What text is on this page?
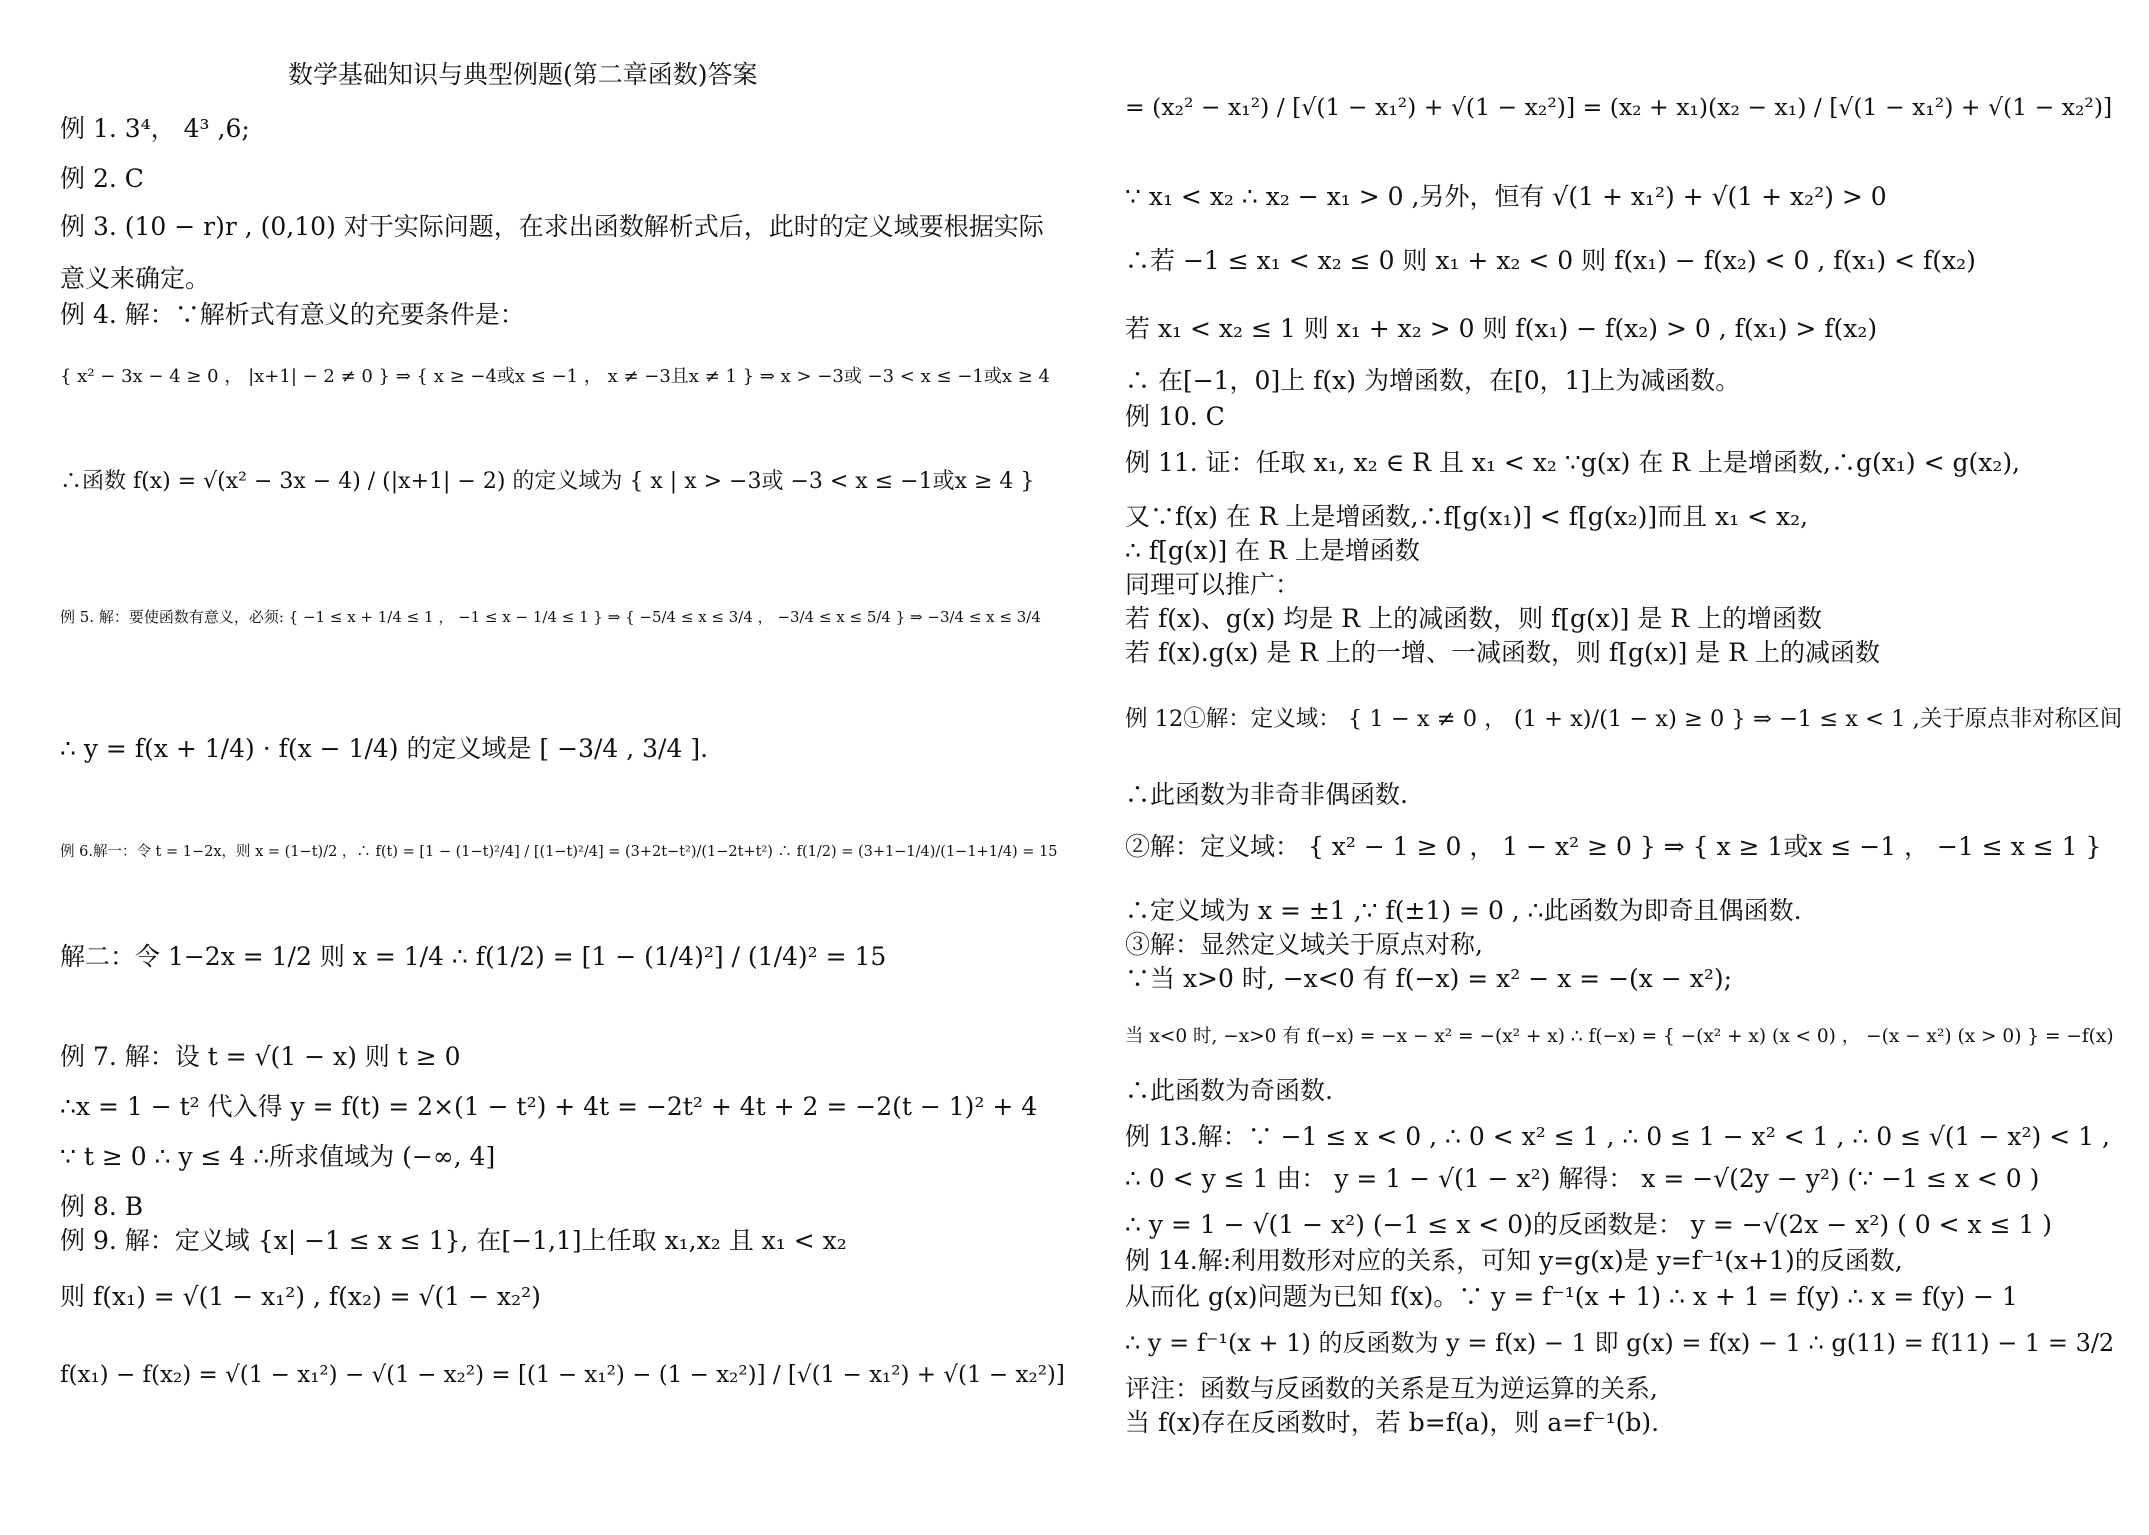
数学基础知识与典型例题(第二章函数)答案
例 1. 3⁴， 4³ ,6;
例 2. C
例 3. (10 − r)r , (0,10) 对于实际问题，在求出函数解析式后，此时的定义域要根据实际
意义来确定。
例 4. 解：∵解析式有意义的充要条件是：
{ x² − 3x − 4 ≥ 0 ， |x+1| − 2 ≠ 0 } ⇒ { x ≥ −4或x ≤ −1 ， x ≠ −3且x ≠ 1 } ⇒ x > −3或 −3 < x ≤ −1或x ≥ 4
∴函数 f(x) = √(x² − 3x − 4) / (|x+1| − 2) 的定义域为 { x | x > −3或 −3 < x ≤ −1或x ≥ 4 }
例 5. 解：要使函数有意义，必须: { −1 ≤ x + 1/4 ≤ 1 ， −1 ≤ x − 1/4 ≤ 1 } ⇒ { −5/4 ≤ x ≤ 3/4 ， −3/4 ≤ x ≤ 5/4 } ⇒ −3/4 ≤ x ≤ 3/4
∴ y = f(x + 1/4) · f(x − 1/4) 的定义域是 [ −3/4 , 3/4 ].
例 6.解一：令 t = 1−2x，则 x = (1−t)/2 ，∴ f(t) = [1 − (1−t)²/4] / [(1−t)²/4] = (3+2t−t²)/(1−2t+t²) ∴ f(1/2) = (3+1−1/4)/(1−1+1/4) = 15
解二：令 1−2x = 1/2 则 x = 1/4 ∴ f(1/2) = [1 − (1/4)²] / (1/4)² = 15
例 7. 解：设 t = √(1 − x) 则 t ≥ 0
∴x = 1 − t² 代入得 y = f(t) = 2×(1 − t²) + 4t = −2t² + 4t + 2 = −2(t − 1)² + 4
∵ t ≥ 0 ∴ y ≤ 4 ∴所求值域为 (−∞, 4]
例 8. B
例 9. 解：定义域 {x| −1 ≤ x ≤ 1}, 在[−1,1]上任取 x₁,x₂ 且 x₁ < x₂
则 f(x₁) = √(1 − x₁²) , f(x₂) = √(1 − x₂²)
f(x₁) − f(x₂) = √(1 − x₁²) − √(1 − x₂²) = [(1 − x₁²) − (1 − x₂²)] / [√(1 − x₁²) + √(1 − x₂²)]
= (x₂² − x₁²) / [√(1 − x₁²) + √(1 − x₂²)] = (x₂ + x₁)(x₂ − x₁) / [√(1 − x₁²) + √(1 − x₂²)]
∵ x₁ < x₂ ∴ x₂ − x₁ > 0 ,另外，恒有 √(1 + x₁²) + √(1 + x₂²) > 0
∴若 −1 ≤ x₁ < x₂ ≤ 0 则 x₁ + x₂ < 0 则 f(x₁) − f(x₂) < 0 , f(x₁) < f(x₂)
若 x₁ < x₂ ≤ 1 则 x₁ + x₂ > 0 则 f(x₁) − f(x₂) > 0 , f(x₁) > f(x₂)
∴ 在[−1，0]上 f(x) 为增函数，在[0，1]上为减函数。
例 10. C
例 11. 证：任取 x₁, x₂ ∈ R 且 x₁ < x₂ ∵g(x) 在 R 上是增函数,∴g(x₁) < g(x₂),
又∵f(x) 在 R 上是增函数,∴f[g(x₁)] < f[g(x₂)]而且 x₁ < x₂,
∴ f[g(x)] 在 R 上是增函数
同理可以推广：
若 f(x)、g(x) 均是 R 上的减函数，则 f[g(x)] 是 R 上的增函数
若 f(x).g(x) 是 R 上的一增、一减函数，则 f[g(x)] 是 R 上的减函数
例 12①解：定义域： { 1 − x ≠ 0 ， (1 + x)/(1 − x) ≥ 0 } ⇒ −1 ≤ x < 1 ,关于原点非对称区间
∴此函数为非奇非偶函数.
②解：定义域： { x² − 1 ≥ 0 ， 1 − x² ≥ 0 } ⇒ { x ≥ 1或x ≤ −1 ， −1 ≤ x ≤ 1 }
∴定义域为 x = ±1 ,∵ f(±1) = 0 , ∴此函数为即奇且偶函数.
③解：显然定义域关于原点对称,
∵当 x>0 时, −x<0 有 f(−x) = x² − x = −(x − x²);
当 x<0 时, −x>0 有 f(−x) = −x − x² = −(x² + x) ∴ f(−x) = { −(x² + x) (x < 0) ， −(x − x²) (x > 0) } = −f(x)
∴此函数为奇函数.
例 13.解：∵ −1 ≤ x < 0 , ∴ 0 < x² ≤ 1 , ∴ 0 ≤ 1 − x² < 1 , ∴ 0 ≤ √(1 − x²) < 1 ,
∴ 0 < y ≤ 1 由： y = 1 − √(1 − x²) 解得： x = −√(2y − y²) (∵ −1 ≤ x < 0 )
∴ y = 1 − √(1 − x²) (−1 ≤ x < 0)的反函数是： y = −√(2x − x²) ( 0 < x ≤ 1 )
例 14.解:利用数形对应的关系，可知 y=g(x)是 y=f⁻¹(x+1)的反函数,
从而化 g(x)问题为已知 f(x)。∵ y = f⁻¹(x + 1) ∴ x + 1 = f(y) ∴ x = f(y) − 1
∴ y = f⁻¹(x + 1) 的反函数为 y = f(x) − 1 即 g(x) = f(x) − 1 ∴ g(11) = f(11) − 1 = 3/2
评注：函数与反函数的关系是互为逆运算的关系,
当 f(x)存在反函数时，若 b=f(a)，则 a=f⁻¹(b).
